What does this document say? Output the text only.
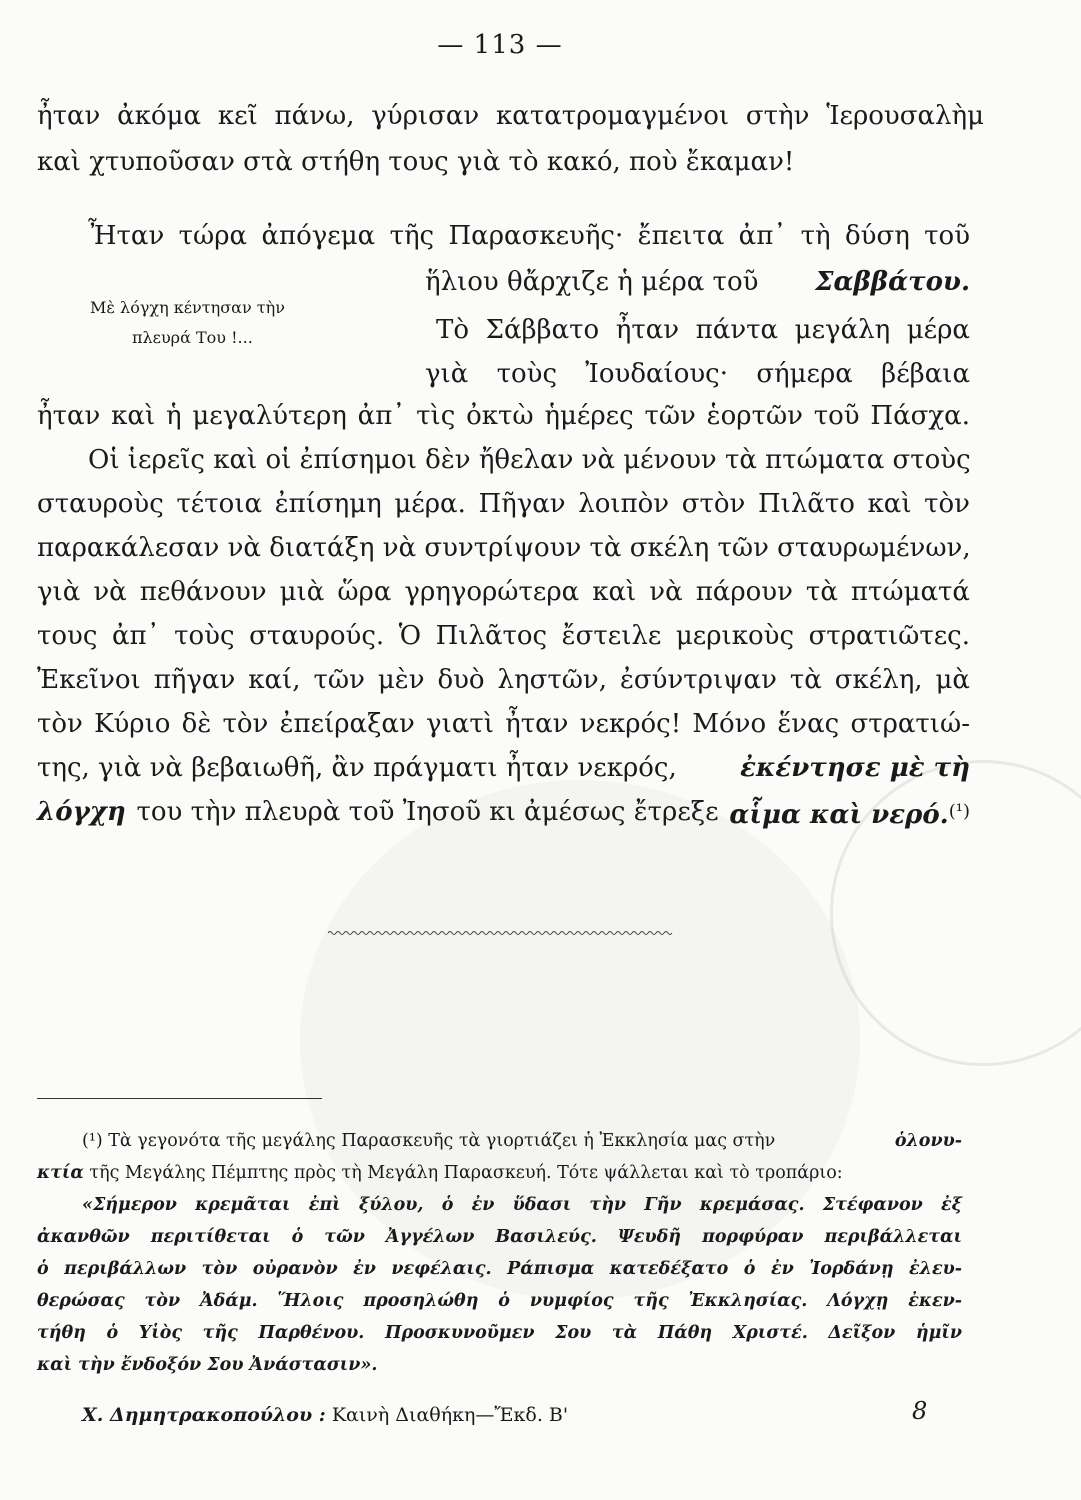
— 113 —
ἦταν ἀκόμα κεῖ πάνω, γύρισαν κατατρομαγμένοι στὴν Ἱερουσαλὴμ
καὶ χτυποῦσαν στὰ στήθη τους γιὰ τὸ κακό, ποὺ ἔκαμαν!
Ἦταν τώρα ἀπόγεμα τῆς Παρασκευῆς· ἔπειτα ἀπ᾽ τὴ δύση τοῦ
ἥλιου θἄρχιζε ἡ μέρα τοῦ Σαββάτου.
Μὲ λόγχη κέντησαν τὴν
πλευρά Του !...	Τὸ Σάββατο ἦταν πάντα μεγάλη μέρα
γιὰ τοὺς Ἰουδαίους· σήμερα βέβαια
ἦταν καὶ ἡ μεγαλύτερη ἀπ᾽ τὶς ὀκτὼ ἡμέρες τῶν ἑορτῶν τοῦ Πάσχα.
Οἱ ἱερεῖς καὶ οἱ ἐπίσημοι δὲν ἤθελαν νὰ μένουν τὰ πτώματα στοὺς
σταυροὺς τέτοια ἐπίσημη μέρα. Πῆγαν λοιπὸν στὸν Πιλᾶτο καὶ τὸν
παρακάλεσαν νὰ διατάξη νὰ συντρίψουν τὰ σκέλη τῶν σταυρωμένων,
γιὰ νὰ πεθάνουν μιὰ ὥρα γρηγορώτερα καὶ νὰ πάρουν τὰ πτώματά
τους ἀπ᾽ τοὺς σταυρούς. Ὁ Πιλᾶτος ἔστειλε μερικοὺς στρατιῶτες.
Ἐκεῖνοι πῆγαν καί, τῶν μὲν δυὸ ληστῶν, ἐσύντριψαν τὰ σκέλη, μὰ
τὸν Κύριο δὲ τὸν ἐπείραξαν γιατὶ ἦταν νεκρός! Μόνο ἕνας στρατιώ-
της, γιὰ νὰ βεβαιωθῆ, ἂν πράγματι ἦταν νεκρός, ἐκέντησε μὲ τὴ
λόγχη του τὴν πλευρὰ τοῦ Ἰησοῦ κι ἀμέσως ἔτρεξε αἷμα καὶ νερό.$^{(^1)}$
(¹) Τὰ γεγονότα τῆς μεγάλης Παρασκευῆς τὰ γιορτιάζει ἡ Ἐκκλησία μας στὴν	ὁλονυ-
κτία τῆς Μεγάλης Πέμπτης πρὸς τὴ Μεγάλη Παρασκευή. Τότε ψάλλεται καὶ τὸ τροπάριο:
«Σήμερον κρεμᾶται ἐπὶ ξύλου, ὁ ἐν ὕδασι τὴν Γῆν κρεμάσας. Στέφανον ἐξ
ἀκανθῶν περιτίθεται ὁ τῶν Ἀγγέλων Βασιλεύς. Ψευδῆ πορφύραν περιβάλλεται
ὁ περιβάλλων τὸν οὐρανὸν ἐν νεφέλαις. Ράπισμα κατεδέξατο ὁ ἐν Ἰορδάνῃ ἐλευ-
θερώσας τὸν Ἀδάμ. Ἥλοις προσηλώθη ὁ νυμφίος τῆς Ἐκκλησίας. Λόγχῃ ἐκεν-
τήθη ὁ Υἱὸς τῆς Παρθένου. Προσκυνοῦμεν Σου τὰ Πάθη Χριστέ. Δεῖξον ἡμῖν
καὶ τὴν ἔνδοξόν Σου Ἀνάστασιν».
Χ. Δημητρακοπούλου : Καινὴ Διαθήκη—Ἔκδ. Β'	8
